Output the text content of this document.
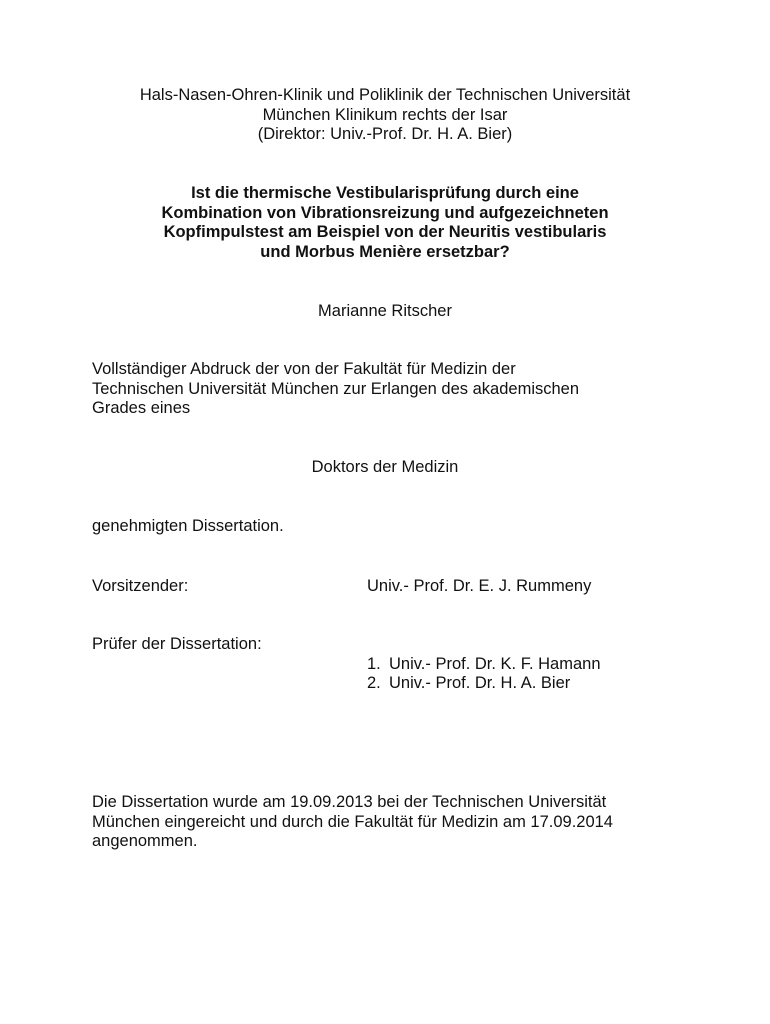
Hals-Nasen-Ohren-Klinik und Poliklinik der Technischen Universität
München Klinikum rechts der Isar
(Direktor: Univ.-Prof. Dr. H. A. Bier)
Ist die thermische Vestibularisprüfung durch eine
Kombination von Vibrationsreizung und aufgezeichneten
Kopfimpulstest am Beispiel von der Neuritis vestibularis
und Morbus Menière ersetzbar?
Marianne Ritscher
Vollständiger Abdruck der von der Fakultät für Medizin der
Technischen Universität München zur Erlangen des akademischen
Grades eines
Doktors der Medizin
genehmigten Dissertation.
Vorsitzender:	Univ.- Prof. Dr. E. J. Rummeny
Prüfer der Dissertation:
1. Univ.- Prof. Dr. K. F. Hamann
2. Univ.- Prof. Dr. H. A. Bier
Die Dissertation wurde am 19.09.2013 bei der Technischen Universität
München eingereicht und durch die Fakultät für Medizin am 17.09.2014
angenommen.
